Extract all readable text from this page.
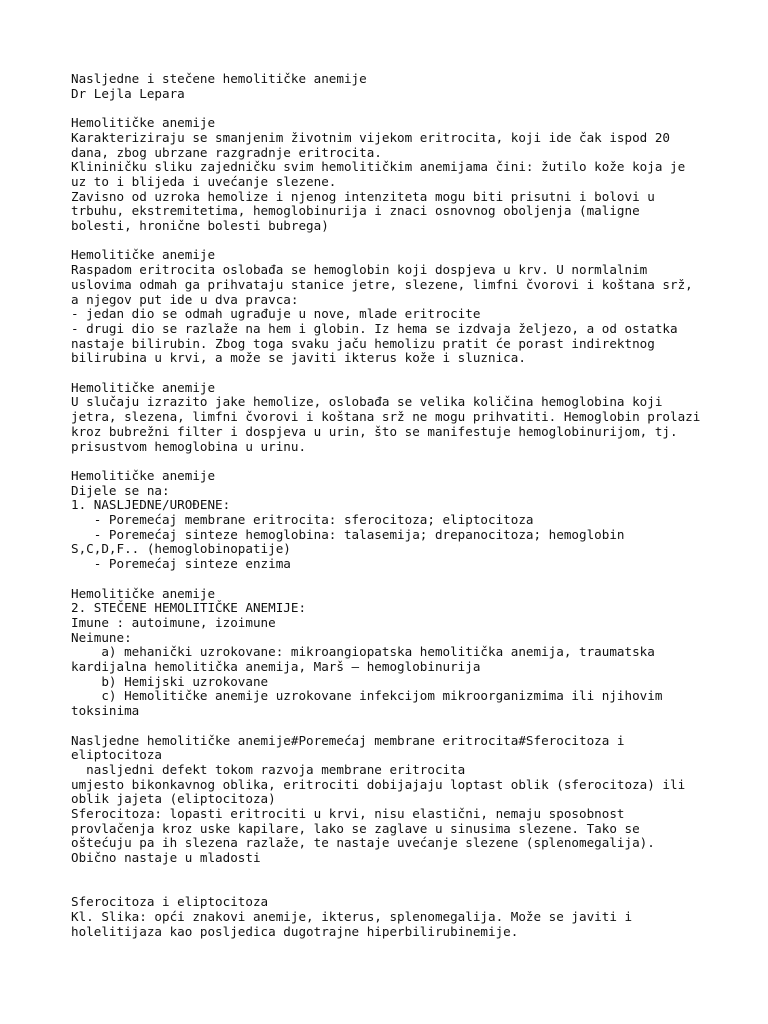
Nasljedne i stečene hemolitičke anemije
Dr Lejla Lepara
Hemolitičke anemije
Karakteriziraju se smanjenim životnim vijekom eritrocita, koji ide čak ispod 20
dana, zbog ubrzane razgradnje eritrocita.
Klininičku sliku zajedničku svim hemolitičkim anemijama čini: žutilo kože koja je
uz to i blijeda i uvećanje slezene.
Zavisno od uzroka hemolize i njenog intenziteta mogu biti prisutni i bolovi u
trbuhu, ekstremitetima, hemoglobinurija i znaci osnovnog oboljenja (maligne
bolesti, hronične bolesti bubrega)
Hemolitičke anemije
Raspadom eritrocita oslobađa se hemoglobin koji dospjeva u krv. U normlalnim
uslovima odmah ga prihvataju stanice jetre, slezene, limfni čvorovi i koštana srž,
a njegov put ide u dva pravca:
- jedan dio se odmah ugrađuje u nove, mlade eritrocite
- drugi dio se razlaže na hem i globin. Iz hema se izdvaja željezo, a od ostatka
nastaje bilirubin. Zbog toga svaku jaču hemolizu pratit će porast indirektnog
bilirubina u krvi, a može se javiti ikterus kože i sluznica.
Hemolitičke anemije
U slučaju izrazito jake hemolize, oslobađa se velika količina hemoglobina koji
jetra, slezena, limfni čvorovi i koštana srž ne mogu prihvatiti. Hemoglobin prolazi
kroz bubrežni filter i dospjeva u urin, što se manifestuje hemoglobinurijom, tj.
prisustvom hemoglobina u urinu.
Hemolitičke anemije
Dijele se na:
1. NASLJEDNE/UROĐENE:
- Poremećaj membrane eritrocita: sferocitoza; eliptocitoza
- Poremećaj sinteze hemoglobina: talasemija; drepanocitoza; hemoglobin
S,C,D,F.. (hemoglobinopatije)
- Poremećaj sinteze enzima
Hemolitičke anemije
2. STEČENE HEMOLITIČKE ANEMIJE:
Imune : autoimune, izoimune
Neimune:
a) mehanički uzrokovane: mikroangiopatska hemolitička anemija, traumatska
kardijalna hemolitička anemija, Marš – hemoglobinurija
b) Hemijski uzrokovane
c) Hemolitičke anemije uzrokovane infekcijom mikroorganizmima ili njihovim
toksinima
Nasljedne hemolitičke anemije#Poremećaj membrane eritrocita#Sferocitoza i
eliptocitoza
nasljedni defekt tokom razvoja membrane eritrocita
umjesto bikonkavnog oblika, eritrociti dobijajaju loptast oblik (sferocitoza) ili
oblik jajeta (eliptocitoza)
Sferocitoza: lopasti eritrociti u krvi, nisu elastični, nemaju sposobnost
provlačenja kroz uske kapilare, lako se zaglave u sinusima slezene. Tako se
oštećuju pa ih slezena razlaže, te nastaje uvećanje slezene (splenomegalija).
Obično nastaje u mladosti
Sferocitoza i eliptocitoza
Kl. Slika: opći znakovi anemije, ikterus, splenomegalija. Može se javiti i
holelitijaza kao posljedica dugotrajne hiperbilirubinemije.
